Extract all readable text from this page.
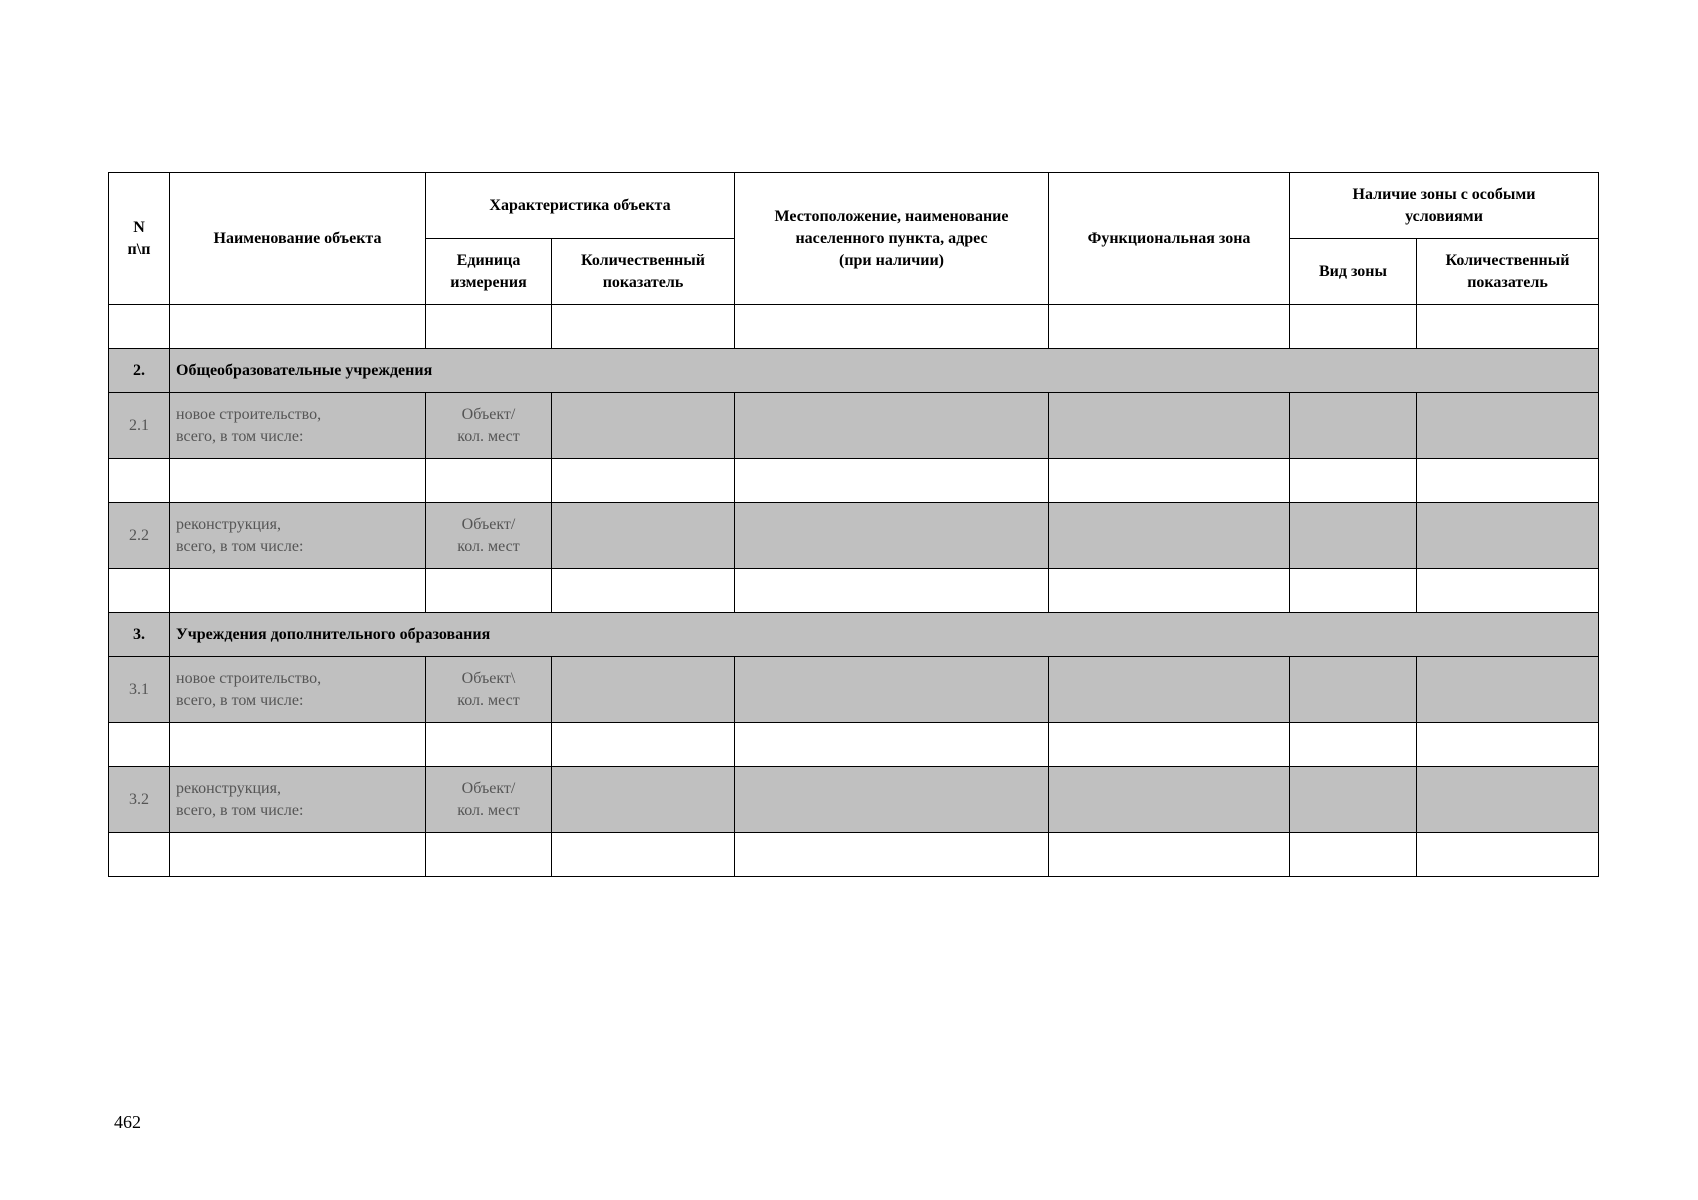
N
п\п	Наименование объекта	Характеристика объекта		Местоположение, наименование
населенного пункта, адрес
(при наличии)	Функциональная зона	Наличие зоны с особыми
условиями	

		Единица
измерения	Количественный
показатель			Вид зоны	Количественный
показатель

2.	Общеобразовательные учреждения						
2.1	новое строительство,
всего, в том числе:	Объект/
кол. мест					

2.2	реконструкция,
всего, в том числе:	Объект/
кол. мест					

3.	Учреждения дополнительного образования						
3.1	новое строительство,
всего, в том числе:	Объект\
кол. мест					

3.2	реконструкция,
всего, в том числе:	Объект/
кол. мест					

462
